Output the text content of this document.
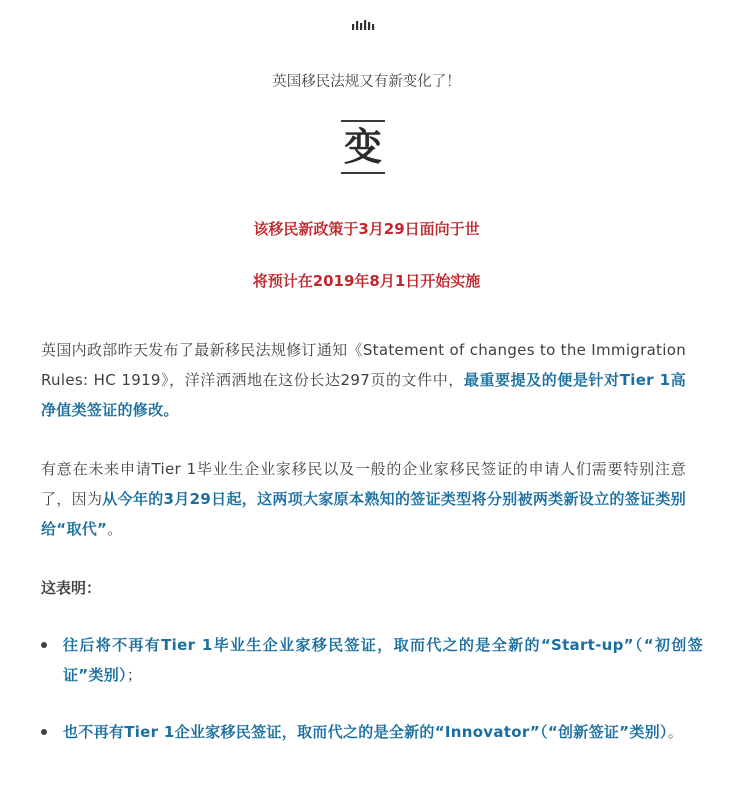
英国移民法规又有新变化了！
变
该移民新政策于3月29日面向于世
将预计在2019年8月1日开始实施
英国内政部昨天发布了最新移民法规修订通知《Statement of changes to the Immigration Rules: HC 1919》，洋洋洒洒地在这份长达297页的文件中，最重要提及的便是针对Tier 1高净值类签证的修改。
有意在未来申请Tier 1毕业生企业家移民以及一般的企业家移民签证的申请人们需要特别注意了，因为从今年的3月29日起，这两项大家原本熟知的签证类型将分别被两类新设立的签证类别给“取代”。
这表明：
往后将不再有Tier 1毕业生企业家移民签证，取而代之的是全新的“Start-up”（“初创签证”类别）；
也不再有Tier 1企业家移民签证，取而代之的是全新的“Innovator”（“创新签证”类别）。
